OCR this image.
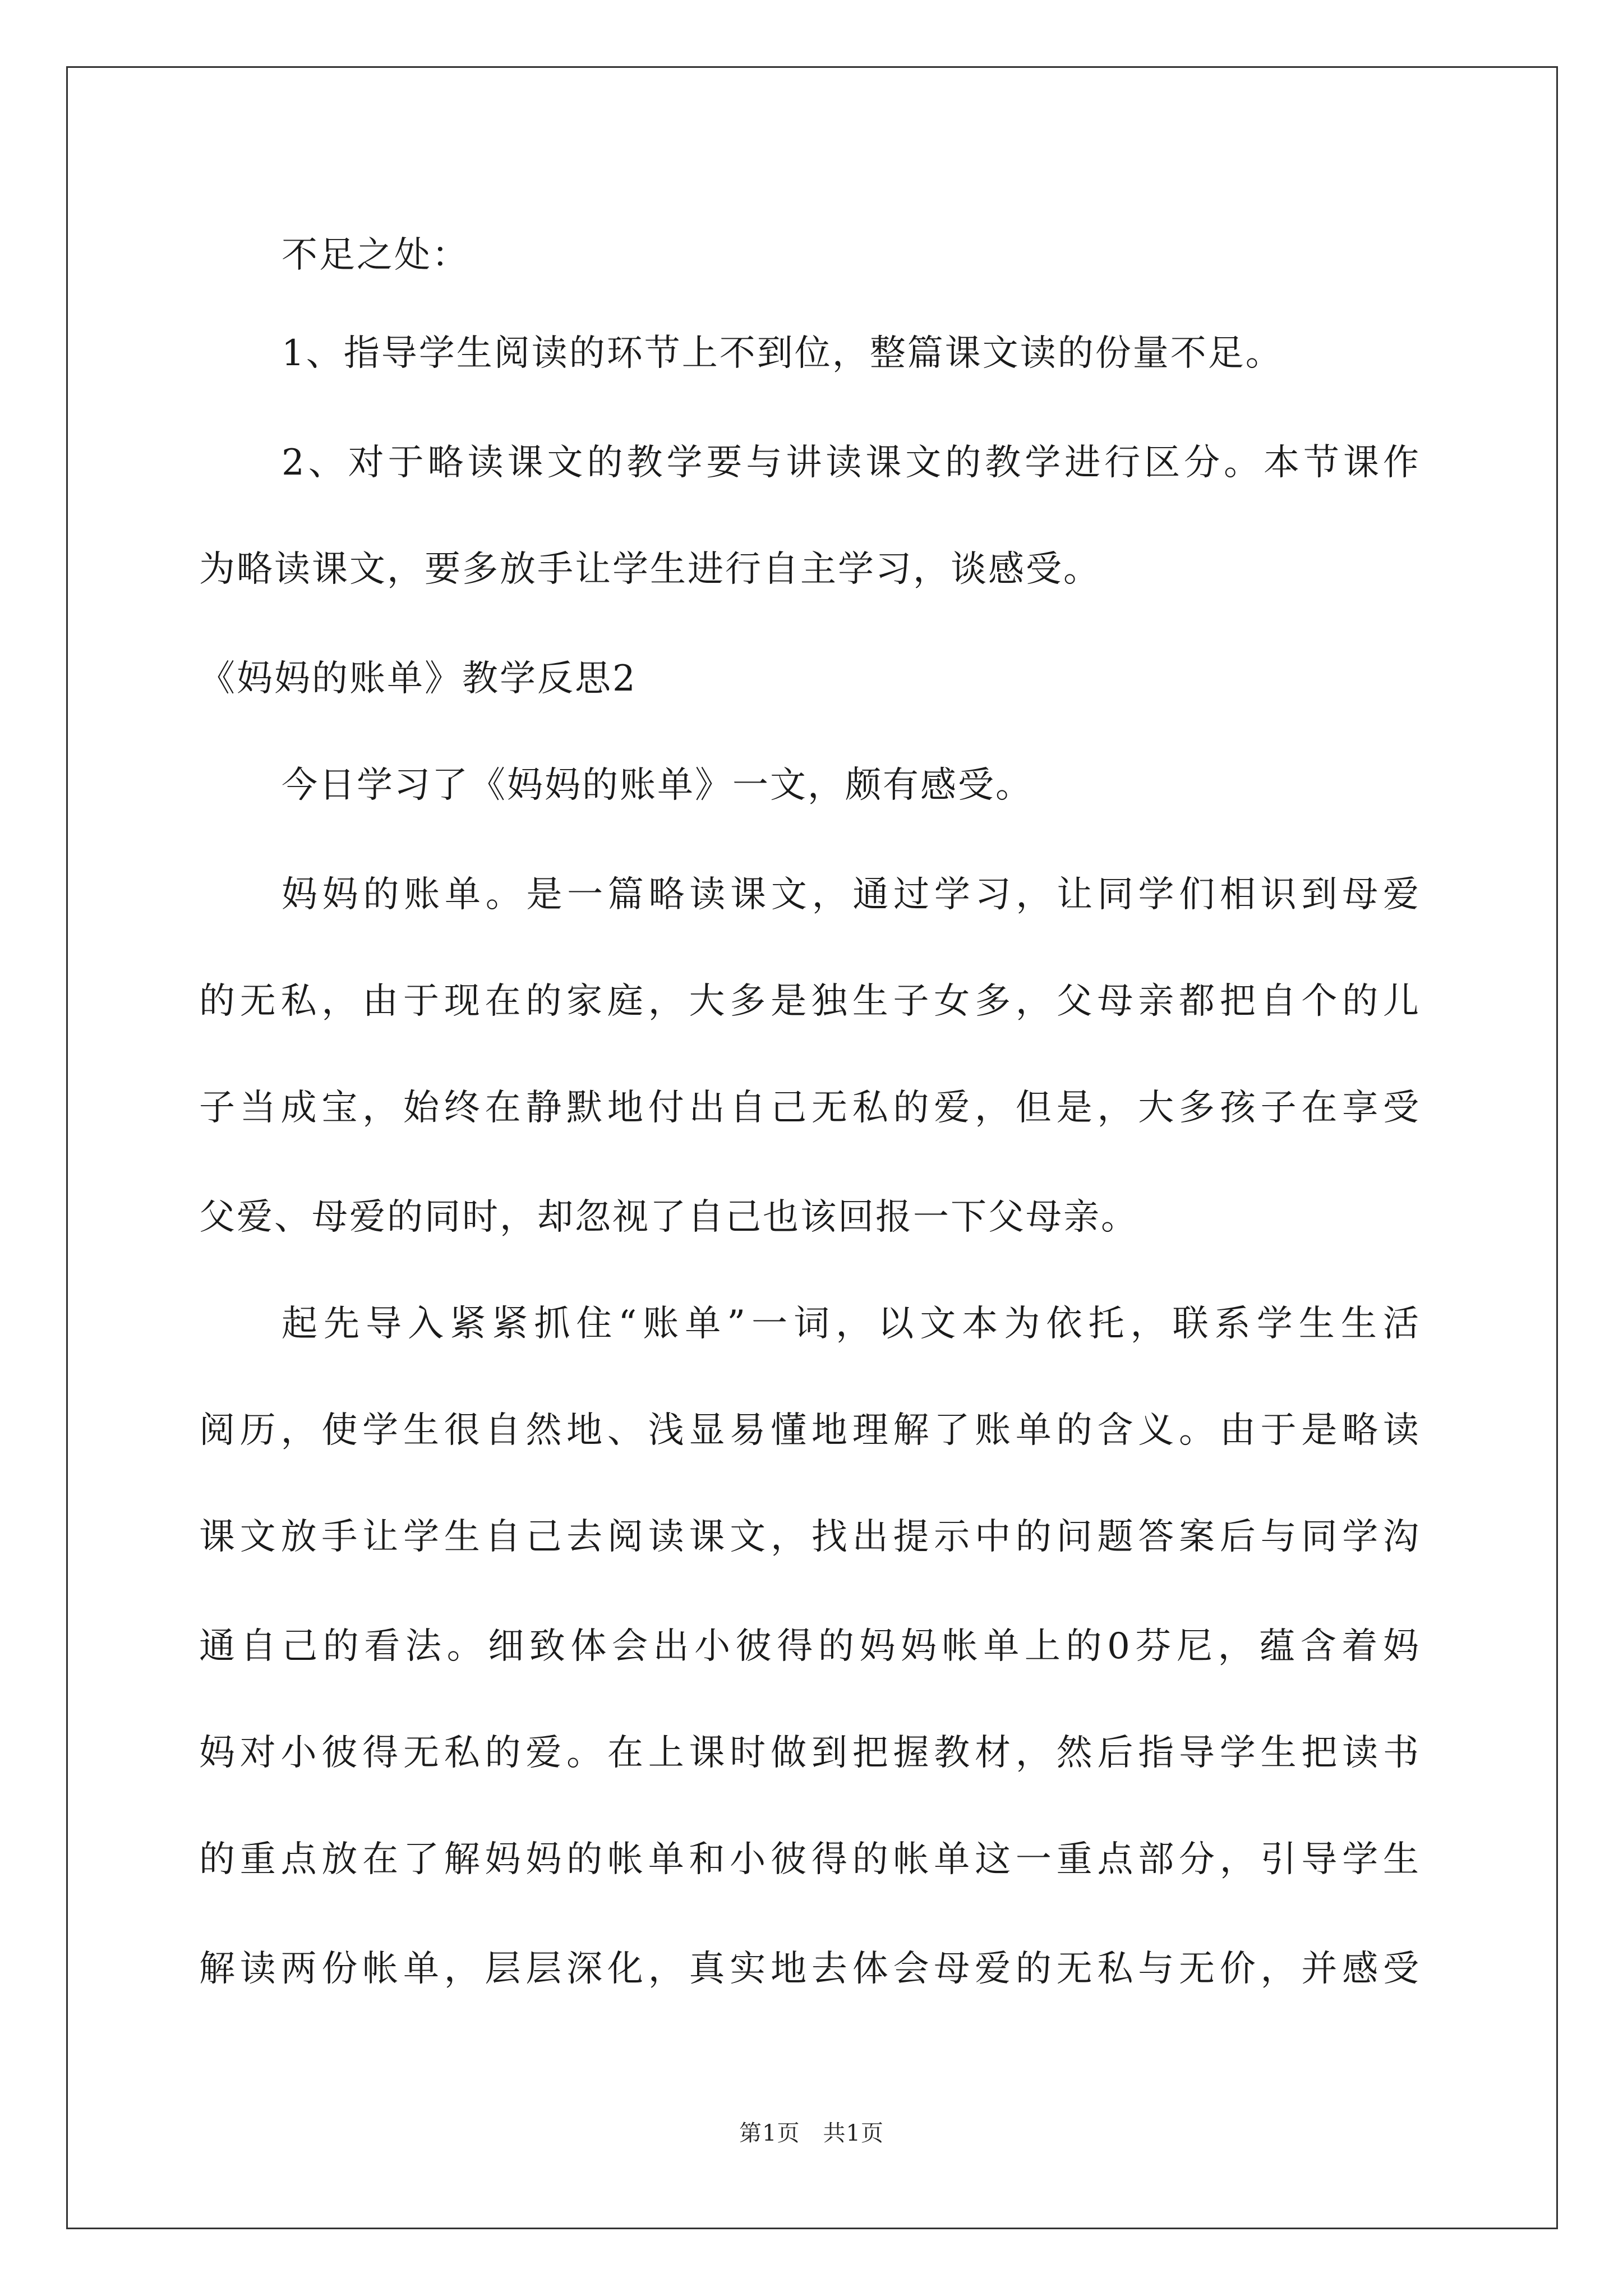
不足之处：
1、指导学生阅读的环节上不到位，整篇课文读的份量不足。
2、对于略读课文的教学要与讲读课文的教学进行区分。本节课作
为略读课文，要多放手让学生进行自主学习，谈感受。
《妈妈的账单》教学反思2
今日学习了《妈妈的账单》一文，颇有感受。
妈妈的账单。是一篇略读课文，通过学习，让同学们相识到母爱
的无私，由于现在的家庭，大多是独生子女多，父母亲都把自个的儿
子当成宝，始终在静默地付出自己无私的爱，但是，大多孩子在享受
父爱、母爱的同时，却忽视了自己也该回报一下父母亲。
起先导入紧紧抓住“账单”一词，以文本为依托，联系学生生活
阅历，使学生很自然地、浅显易懂地理解了账单的含义。由于是略读
课文放手让学生自己去阅读课文，找出提示中的问题答案后与同学沟
通自己的看法。细致体会出小彼得的妈妈帐单上的0芬尼，蕴含着妈
妈对小彼得无私的爱。在上课时做到把握教材，然后指导学生把读书
的重点放在了解妈妈的帐单和小彼得的帐单这一重点部分，引导学生
解读两份帐单，层层深化，真实地去体会母爱的无私与无价，并感受
第1页　共1页
